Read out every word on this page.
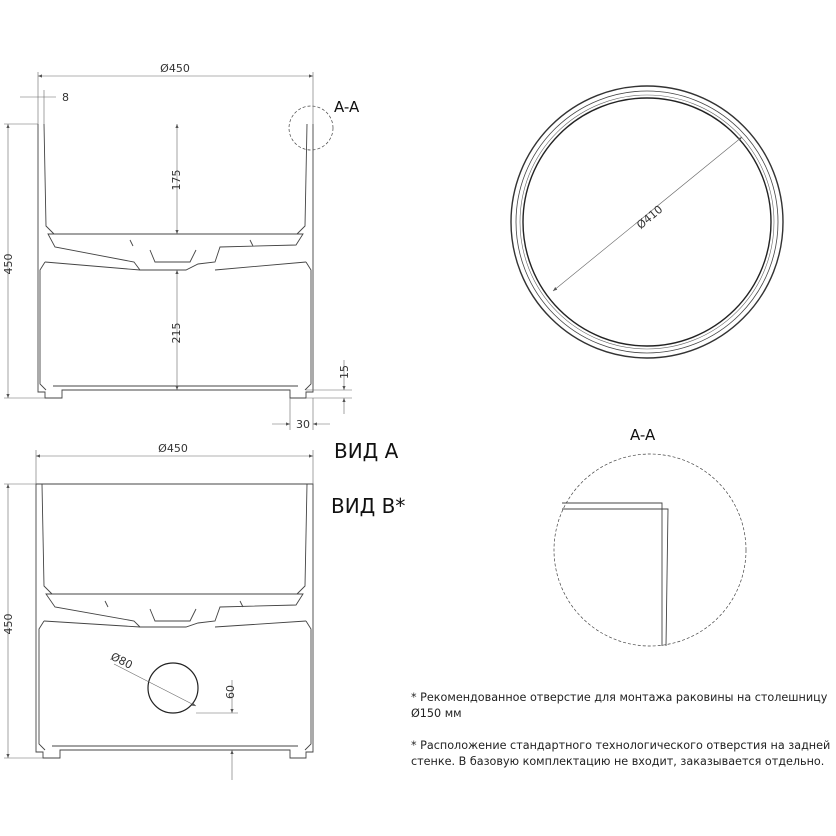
Ø450
8
450
175
215
15
30
A-A
Ø410
Ø450
450
Ø80
60
ВИД А
ВИД В*
A-A
* Рекомендованное отверстие для монтажа раковины на столешницу Ø150 мм
* Расположение стандартного технологического отверстия на задней стенке. В базовую комплектацию не входит, заказывается отдельно.
